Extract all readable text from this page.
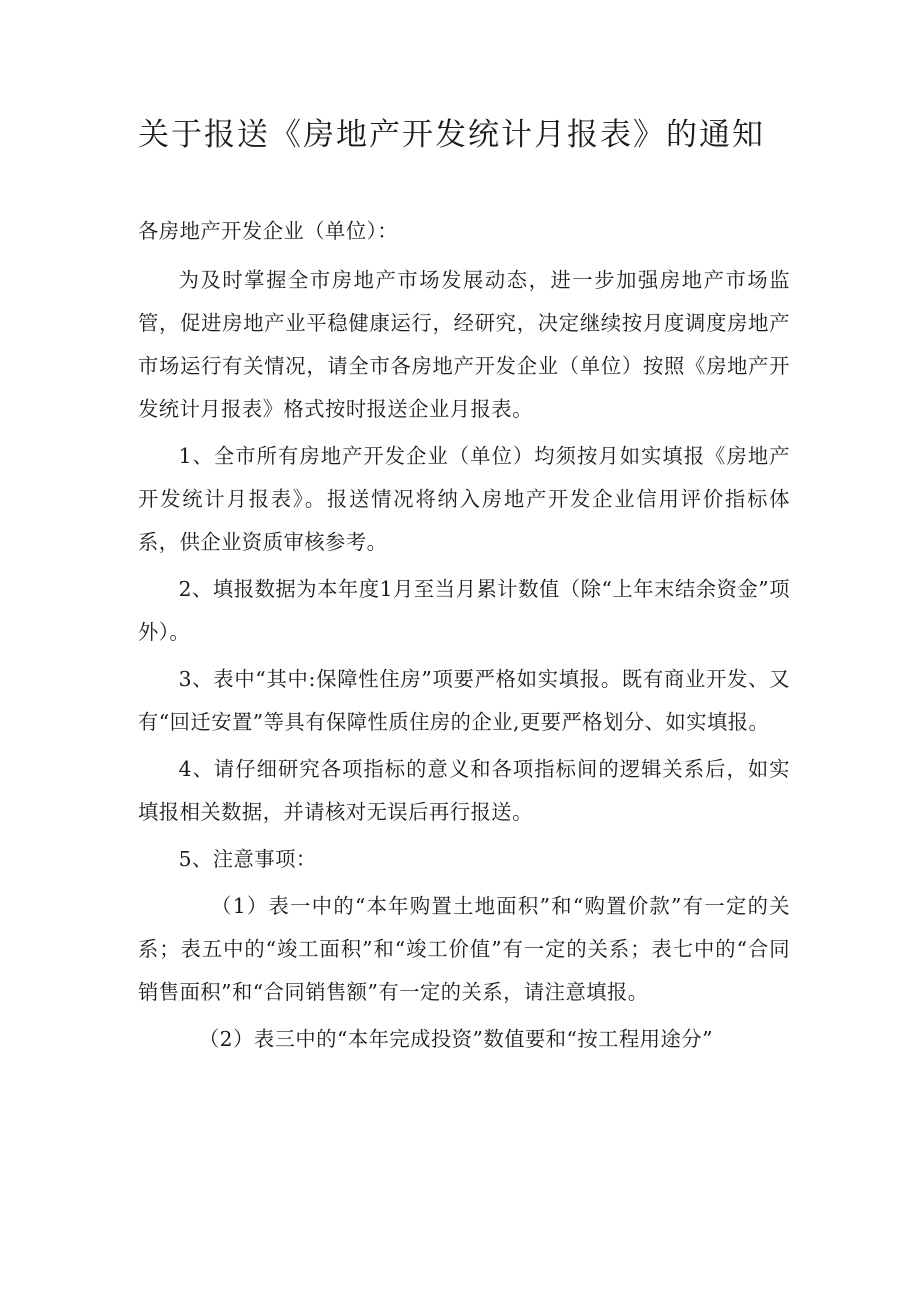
关于报送《房地产开发统计月报表》的通知

各房地产开发企业（单位）：

为及时掌握全市房地产市场发展动态，进一步加强房地产市场监管，促进房地产业平稳健康运行，经研究，决定继续按月度调度房地产市场运行有关情况，请全市各房地产开发企业（单位）按照《房地产开发统计月报表》格式按时报送企业月报表。

1、全市所有房地产开发企业（单位）均须按月如实填报《房地产开发统计月报表》。报送情况将纳入房地产开发企业信用评价指标体系，供企业资质审核参考。

2、填报数据为本年度1月至当月累计数值（除“上年末结余资金”项外）。

3、表中“其中:保障性住房”项要严格如实填报。既有商业开发、又有“回迁安置”等具有保障性质住房的企业,更要严格划分、如实填报。

4、请仔细研究各项指标的意义和各项指标间的逻辑关系后，如实填报相关数据，并请核对无误后再行报送。

5、注意事项：

（1）表一中的“本年购置土地面积”和“购置价款”有一定的关系；表五中的“竣工面积”和“竣工价值”有一定的关系；表七中的“合同销售面积”和“合同销售额”有一定的关系，请注意填报。

（2）表三中的“本年完成投资”数值要和“按工程用途分”
